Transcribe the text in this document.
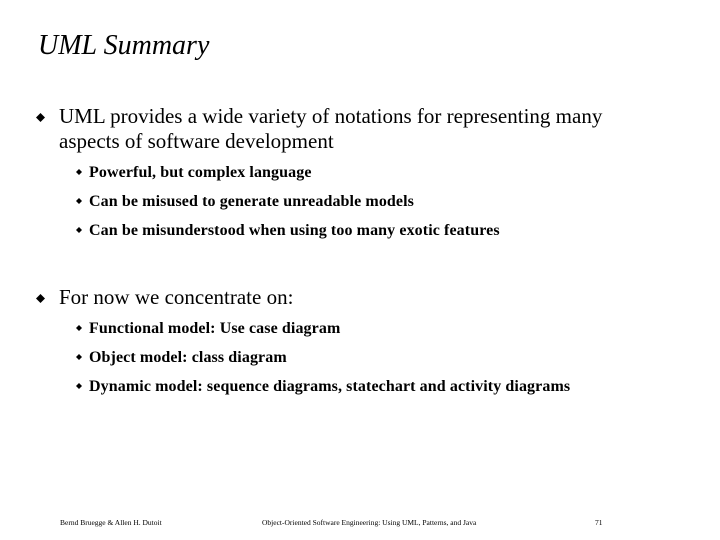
UML Summary
UML provides a wide variety of notations for representing many aspects of software development
Powerful, but complex language
Can be misused to generate unreadable models
Can be misunderstood when using too many exotic features
For now we concentrate on:
Functional model: Use case diagram
Object model: class diagram
Dynamic model: sequence diagrams, statechart and activity diagrams
Bernd Bruegge & Allen H. Dutoit	Object-Oriented Software Engineering: Using UML, Patterns, and Java	71
